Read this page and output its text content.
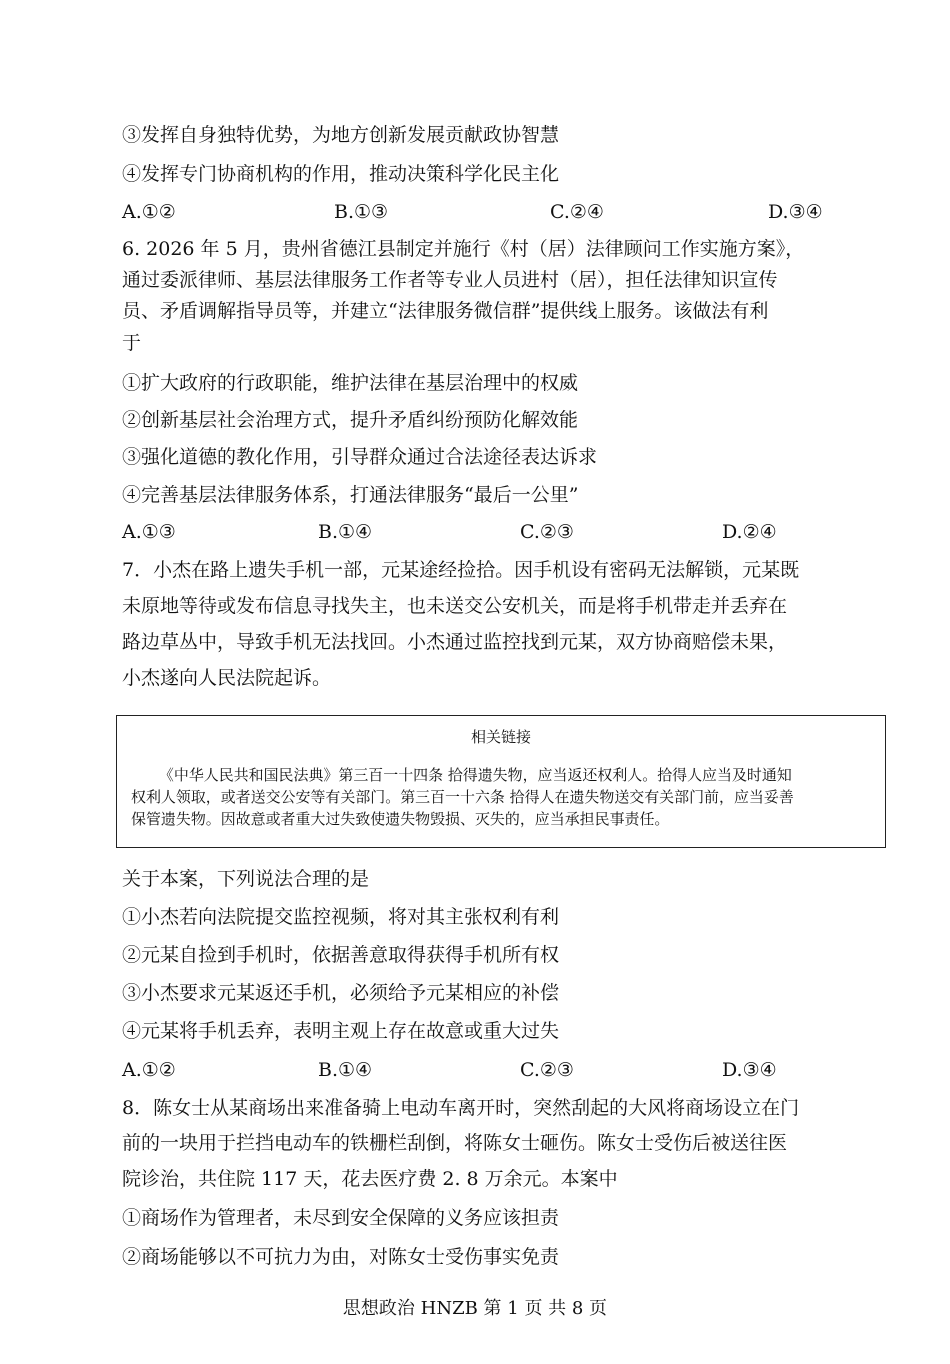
③发挥自身独特优势，为地方创新发展贡献政协智慧
④发挥专门协商机构的作用，推动决策科学化民主化
A.①②	B.①③	C.②④	D.③④
6. 2026 年 5 月，贵州省德江县制定并施行《村（居）法律顾问工作实施方案》，
通过委派律师、基层法律服务工作者等专业人员进村（居），担任法律知识宣传
员、矛盾调解指导员等，并建立“法律服务微信群”提供线上服务。该做法有利
于
①扩大政府的行政职能，维护法律在基层治理中的权威
②创新基层社会治理方式，提升矛盾纠纷预防化解效能
③强化道德的教化作用，引导群众通过合法途径表达诉求
④完善基层法律服务体系，打通法律服务“最后一公里”
A.①③	B.①④	C.②③	D.②④
7．小杰在路上遗失手机一部，元某途经捡拾。因手机设有密码无法解锁，元某既
未原地等待或发布信息寻找失主，也未送交公安机关，而是将手机带走并丢弃在
路边草丛中，导致手机无法找回。小杰通过监控找到元某，双方协商赔偿未果，
小杰遂向人民法院起诉。
相关链接
《中华人民共和国民法典》第三百一十四条 拾得遗失物，应当返还权利人。拾得人应当及时通知
权利人领取，或者送交公安等有关部门。第三百一十六条 拾得人在遗失物送交有关部门前，应当妥善
保管遗失物。因故意或者重大过失致使遗失物毁损、灭失的，应当承担民事责任。
关于本案，下列说法合理的是
①小杰若向法院提交监控视频，将对其主张权利有利
②元某自捡到手机时，依据善意取得获得手机所有权
③小杰要求元某返还手机，必须给予元某相应的补偿
④元某将手机丢弃，表明主观上存在故意或重大过失
A.①②	B.①④	C.②③	D.③④
8．陈女士从某商场出来准备骑上电动车离开时，突然刮起的大风将商场设立在门
前的一块用于拦挡电动车的铁栅栏刮倒，将陈女士砸伤。陈女士受伤后被送往医
院诊治，共住院 117 天，花去医疗费 2. 8 万余元。本案中
①商场作为管理者，未尽到安全保障的义务应该担责
②商场能够以不可抗力为由，对陈女士受伤事实免责
思想政治 HNZB 第 1 页 共 8 页
